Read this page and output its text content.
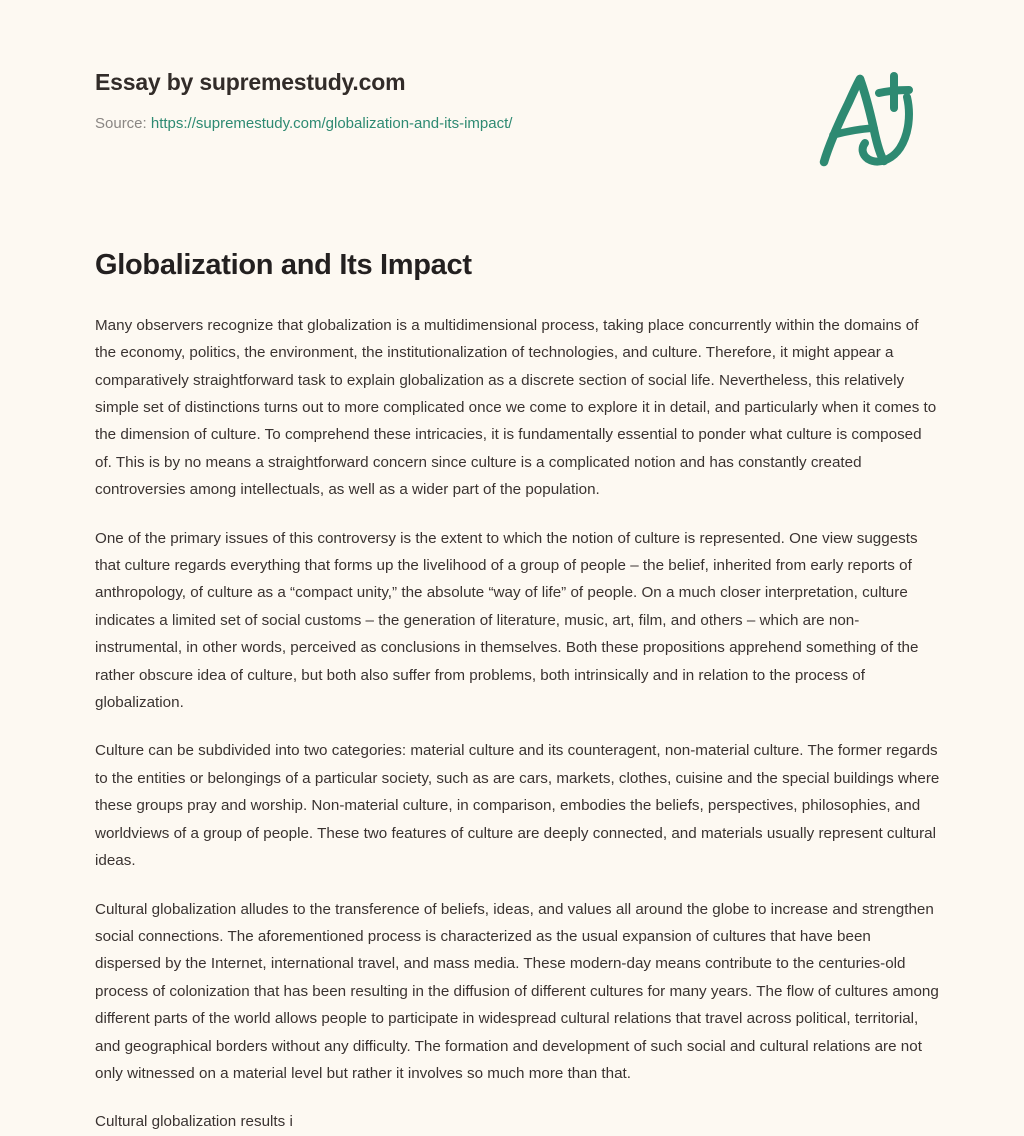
Essay by supremestudy.com
Source: https://supremestudy.com/globalization-and-its-impact/
Globalization and Its Impact

Many observers recognize that globalization is a multidimensional process, taking place concurrently within the domains of the economy, politics, the environment, the institutionalization of technologies, and culture. Therefore, it might appear a comparatively straightforward task to explain globalization as a discrete section of social life. Nevertheless, this relatively simple set of distinctions turns out to more complicated once we come to explore it in detail, and particularly when it comes to the dimension of culture. To comprehend these intricacies, it is fundamentally essential to ponder what culture is composed of. This is by no means a straightforward concern since culture is a complicated notion and has constantly created controversies among intellectuals, as well as a wider part of the population.

One of the primary issues of this controversy is the extent to which the notion of culture is represented. One view suggests that culture regards everything that forms up the livelihood of a group of people – the belief, inherited from early reports of anthropology, of culture as a “compact unity,” the absolute “way of life” of people. On a much closer interpretation, culture indicates a limited set of social customs – the generation of literature, music, art, film, and others – which are non-instrumental, in other words, perceived as conclusions in themselves. Both these propositions apprehend something of the rather obscure idea of culture, but both also suffer from problems, both intrinsically and in relation to the process of globalization.

Culture can be subdivided into two categories: material culture and its counteragent, non-material culture. The former regards to the entities or belongings of a particular society, such as are cars, markets, clothes, cuisine and the special buildings where these groups pray and worship. Non-material culture, in comparison, embodies the beliefs, perspectives, philosophies, and worldviews of a group of people. These two features of culture are deeply connected, and materials usually represent cultural ideas.

Cultural globalization alludes to the transference of beliefs, ideas, and values all around the globe to increase and strengthen social connections. The aforementioned process is characterized as the usual expansion of cultures that have been dispersed by the Internet, international travel, and mass media. These modern-day means contribute to the centuries-old process of colonization that has been resulting in the diffusion of different cultures for many years. The flow of cultures among different parts of the world allows people to participate in widespread cultural relations that travel across political, territorial, and geographical borders without any difficulty. The formation and development of such social and cultural relations are not only witnessed on a material level but rather it involves so much more than that.

Cultural globalization results i
